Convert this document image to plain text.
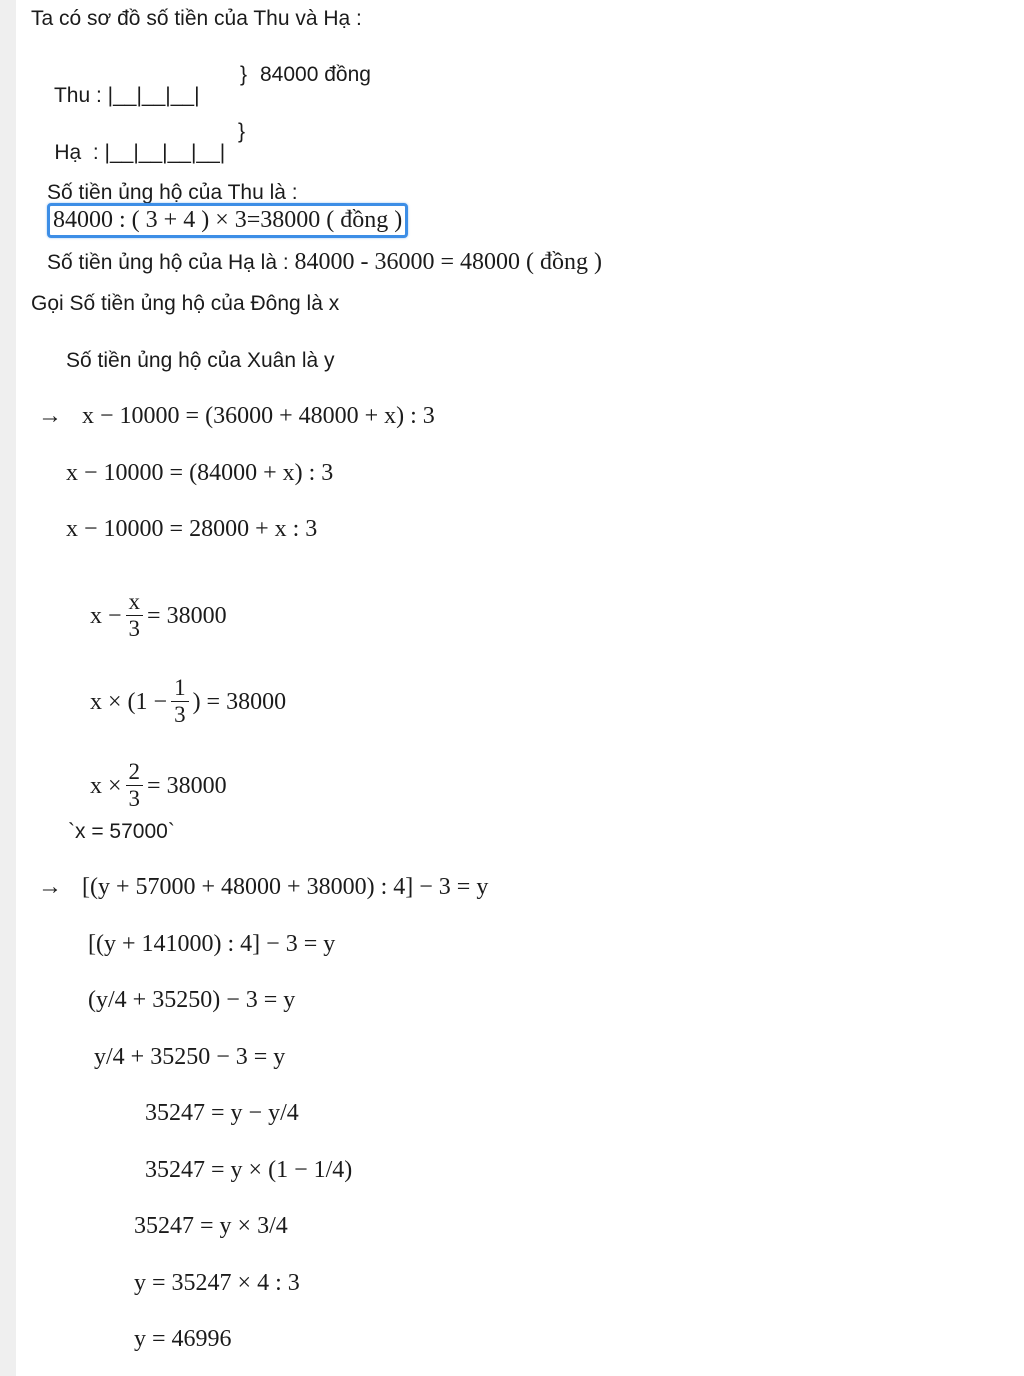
Ta có sơ đồ số tiền của Thu và Hạ :

Thu : |__|__|__|

} 84000 đồng

Hạ  : |__|__|__|__|

}

Số tiền ủng hộ của Thu là :
84000 : ( 3 + 4 ) × 3=38000 ( đồng )

Số tiền ủng hộ của Hạ là : 84000 - 36000 = 48000 ( đồng )

Gọi Số tiền ủng hộ của Đông là x
Số tiền ủng hộ của Xuân là y
→ x − 10000 = (36000 + 48000 + x) : 3
x − 10000 = (84000 + x) : 3
x − 10000 = 28000 + x : 3

$x - \frac{x}{3} = 38000$

$x \times (1 - \frac{1}{3}$ ) = 38000

$x \times \frac{2}{3} = 38000$

`x = 57000`
→ [(y + 57000 + 48000 + 38000) : 4] − 3 = y
[(y + 141000) : 4] − 3 = y
(y/4 + 35250) − 3 = y
y/4 + 35250 − 3 = y
35247 = y − y/4
35247 = y × (1 − 1/4)
35247 = y × 3/4
y = 35247 × 4 : 3
y = 46996
